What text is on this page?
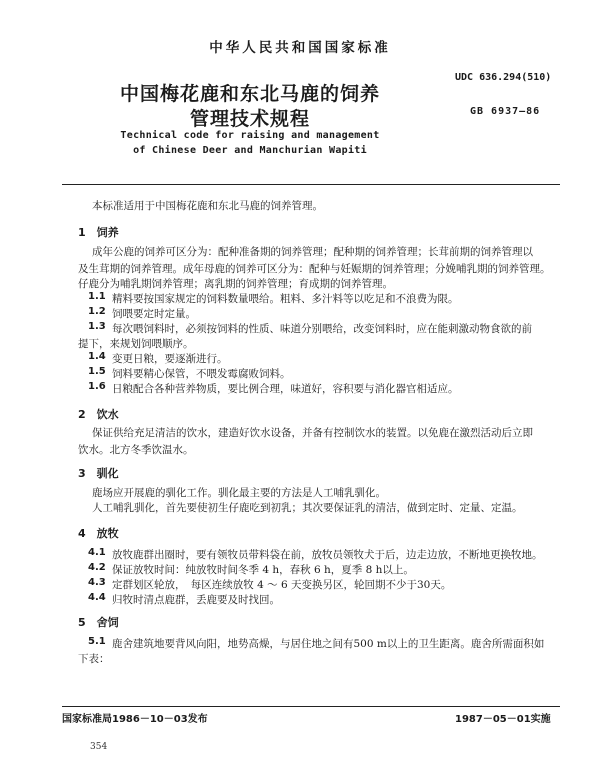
中华人民共和国国家标准
中国梅花鹿和东北马鹿的饲养
管理技术规程
UDC 636.294(510)
GB 6937—86
Technical code for raising and management
of Chinese Deer and Manchurian Wapiti
本标准适用于中国梅花鹿和东北马鹿的饲养管理。
1　 饲养
成年公鹿的饲养可区分为：配种准备期的饲养管理；配种期的饲养管理；长茸前期的饲养管理以
及生茸期的饲养管理。成年母鹿的饲养可区分为：配种与妊娠期的饲养管理；分娩哺乳期的饲养管理。
仔鹿分为哺乳期饲养管理；离乳期的饲养管理；育成期的饲养管理。
1.1 精料要按国家规定的饲料数量喂给。粗料、多汁料等以吃足和不浪费为限。
1.2 饲喂要定时定量。
1.3 每次喂饲料时，必须按饲料的性质、味道分别喂给，改变饲料时，应在能刺激动物食欲的前
提下，来规划饲喂顺序。
1.4 变更日粮，要逐渐进行。
1.5 饲料要精心保管，不喂发霉腐败饲料。
1.6 日粮配合各种营养物质，要比例合理，味道好，容积要与消化器官相适应。
2　 饮水
保证供给充足清洁的饮水，建造好饮水设备，并备有控制饮水的装置。以免鹿在激烈活动后立即
饮水。北方冬季饮温水。
3　 驯化
鹿场应开展鹿的驯化工作。驯化最主要的方法是人工哺乳驯化。
人工哺乳驯化，首先要使初生仔鹿吃到初乳；其次要保证乳的清洁，做到定时、定量、定温。
4　 放牧
4.1 放牧鹿群出圈时，要有领牧员带料袋在前，放牧员领牧犬于后，边走边放，不断地更换牧地。
4.2 保证放牧时间：纯放牧时间冬季 4 h，春秋 6 h，夏季 8 h以上。
4.3 定群划区轮放，　每区连续放牧 4 ～ 6 天变换另区，轮回期不少于30天。
4.4 归牧时清点鹿群，丢鹿要及时找回。
5　 舍饲
5.1 鹿舍建筑地要背风向阳，地势高燥，与居住地之间有500 m以上的卫生距离。鹿舍所需面积如
下表：
国家标准局1986－10－03发布	1987－05－01实施
354
